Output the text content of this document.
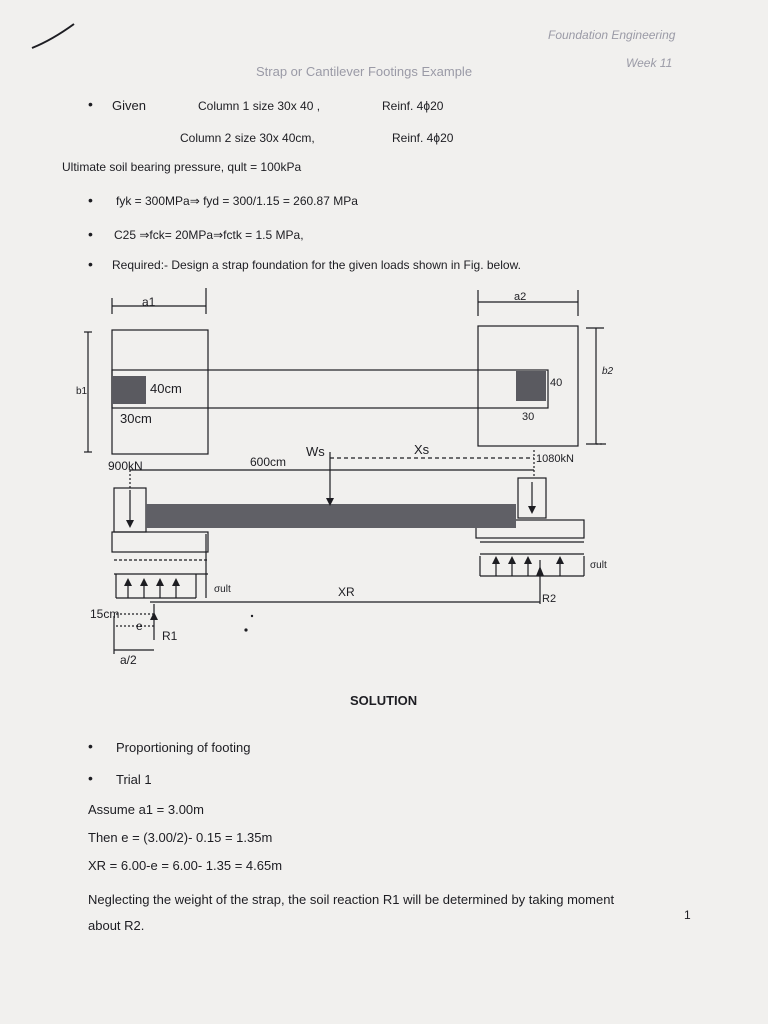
Foundation Engineering
Week 11
Strap or Cantilever Footings Example
• Given	Column 1 size 30x 40 ,	Reinf. 4ϕ20
Column 2 size 30x 40cm,	Reinf. 4ϕ20
Ultimate soil bearing pressure, qult = 100kPa
• fyk = 300MPa⇒ fyd = 300/1.15 = 260.87 MPa
• C25 ⇒fck= 20MPa⇒fctk = 1.5 MPa,
• Required:- Design a strap foundation for the given loads shown in Fig. below.
a1	a2
b1
b2
40cm
30cm
40
30
900kN	600cm
Ws	Xs
1080kN
σult
σult
XR	R2
15cm
e
R1
a/2
SOLUTION
• Proportioning of footing
• Trial 1
Assume a1 = 3.00m
Then e = (3.00/2)- 0.15 = 1.35m
XR = 6.00-e = 6.00- 1.35 = 4.65m
Neglecting the weight of the strap, the soil reaction R1 will be determined by taking moment
about R2.
1
